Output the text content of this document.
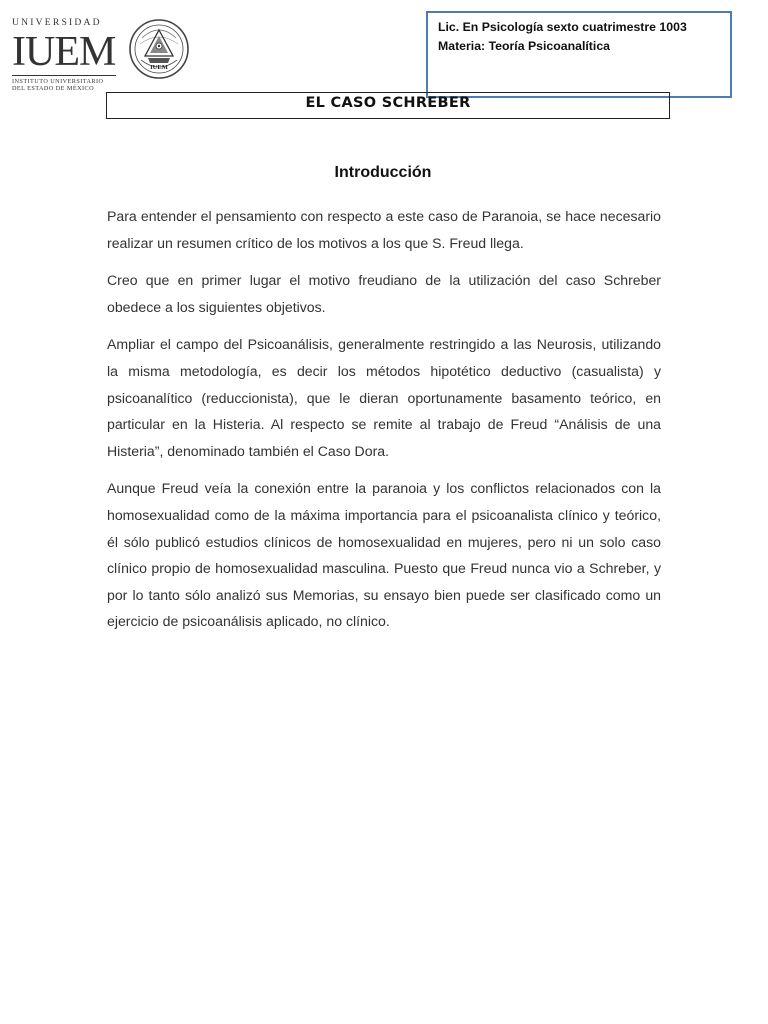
UNIVERSIDAD
IUEM
INSTITUTO UNIVERSITARIO
DEL ESTADO DE MÉXICO
IUEM
Lic. En Psicología sexto cuatrimestre 1003
Materia: Teoría Psicoanalítica
EL CASO SCHREBER
Introducción

Para entender el pensamiento con respecto a este caso de Paranoia, se hace necesario realizar un resumen crítico de los motivos a los que S. Freud llega.

Creo que en primer lugar el motivo freudiano de la utilización del caso Schreber obedece a los siguientes objetivos.

Ampliar el campo del Psicoanálisis, generalmente restringido a las Neurosis, utilizando la misma metodología, es decir los métodos hipotético deductivo (casualista) y psicoanalítico (reduccionista), que le dieran oportunamente basamento teórico, en particular en la Histeria. Al respecto se remite al trabajo de Freud “Análisis de una Histeria”, denominado también el Caso Dora.

Aunque Freud veía la conexión entre la paranoia y los conflictos relacionados con la homosexualidad como de la máxima importancia para el psicoanalista clínico y teórico, él sólo publicó estudios clínicos de homosexualidad en mujeres, pero ni un solo caso clínico propio de homosexualidad masculina. Puesto que Freud nunca vio a Schreber, y por lo tanto sólo analizó sus Memorias, su ensayo bien puede ser clasificado como un ejercicio de psicoanálisis aplicado, no clínico.
